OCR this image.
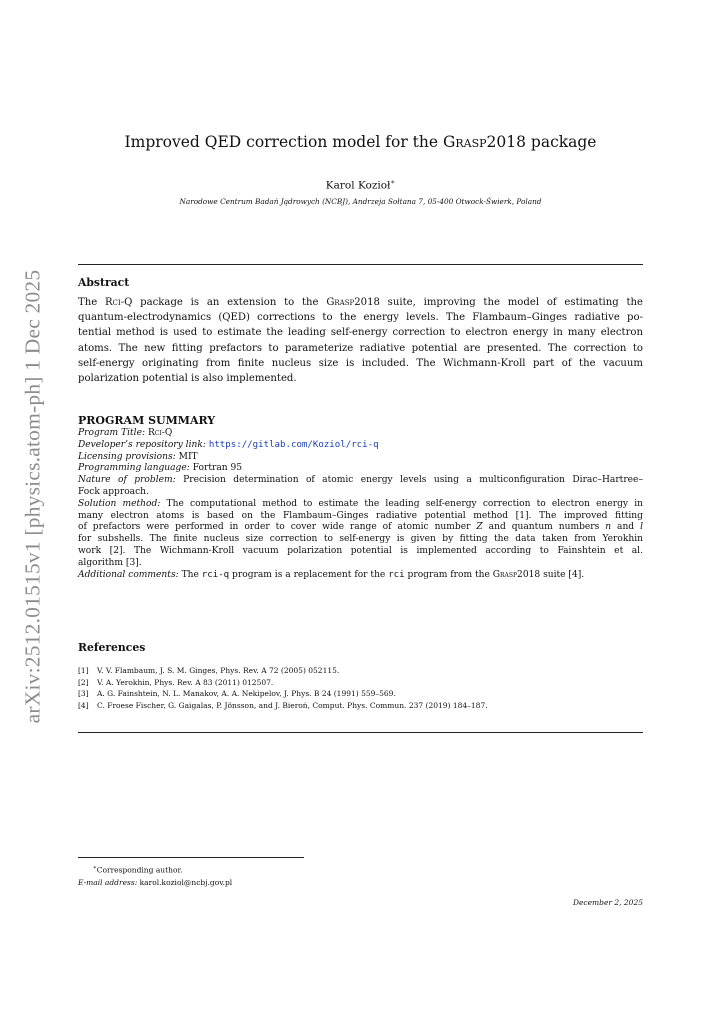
arXiv:2512.01515v1 [physics.atom-ph] 1 Dec 2025
Improved QED correction model for the Grasp2018 package
Karol Kozioł∗
Narodowe Centrum Badań Jądrowych (NCBJ), Andrzeja Sołtana 7, 05-400 Otwock-Świerk, Poland
Abstract
The Rci-Q package is an extension to the Grasp2018 suite, improving the model of estimating the
quantum-electrodynamics (QED) corrections to the energy levels. The Flambaum–Ginges radiative po-
tential method is used to estimate the leading self-energy correction to electron energy in many electron
atoms. The new fitting prefactors to parameterize radiative potential are presented. The correction to
self-energy originating from finite nucleus size is included. The Wichmann-Kroll part of the vacuum
polarization potential is also implemented.
PROGRAM SUMMARY
Program Title: Rci-Q
Developer’s repository link: https://gitlab.com/Koziol/rci-q
Licensing provisions: MIT
Programming language: Fortran 95
Nature of problem: Precision determination of atomic energy levels using a multiconfiguration Dirac–Hartree–
Fock approach.
Solution method: The computational method to estimate the leading self-energy correction to electron energy in
many electron atoms is based on the Flambaum–Ginges radiative potential method [1]. The improved fitting
of prefactors were performed in order to cover wide range of atomic number Z and quantum numbers n and l
for subshells. The finite nucleus size correction to self-energy is given by fitting the data taken from Yerokhin
work [2]. The Wichmann-Kroll vacuum polarization potential is implemented according to Fainshtein et al.
algorithm [3].
Additional comments: The rci-q program is a replacement for the rci program from the Grasp2018 suite [4].
References
[1] V. V. Flambaum, J. S. M. Ginges, Phys. Rev. A 72 (2005) 052115.
[2] V. A. Yerokhin, Phys. Rev. A 83 (2011) 012507.
[3] A. G. Fainshtein, N. L. Manakov, A. A. Nekipelov, J. Phys. B 24 (1991) 559–569.
[4] C. Froese Fischer, G. Gaigalas, P. Jönsson, and J. Bieroń, Comput. Phys. Commun. 237 (2019) 184–187.
∗Corresponding author.
E-mail address: karol.koziol@ncbj.gov.pl
December 2, 2025
